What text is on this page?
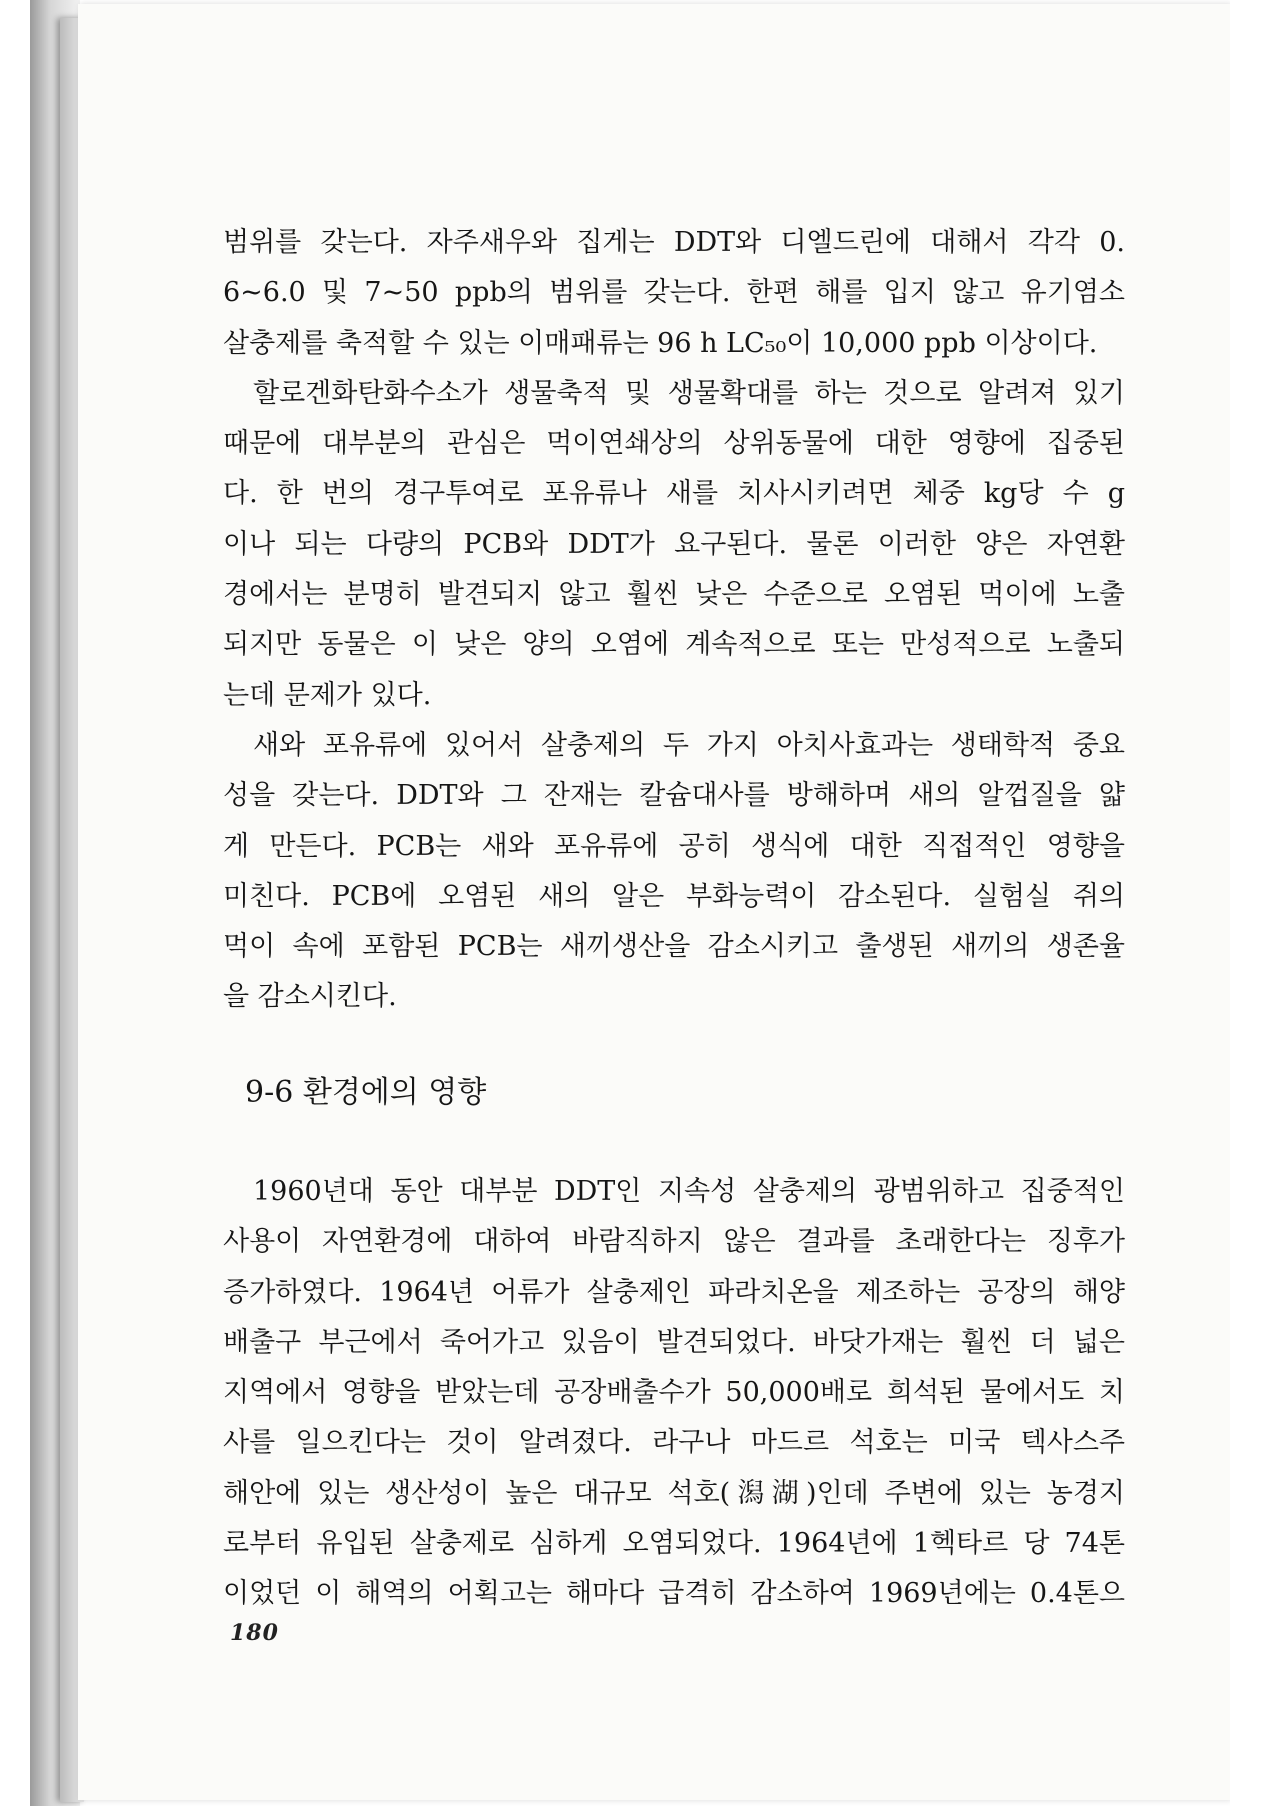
범위를 갖는다. 자주새우와 집게는 DDT와 디엘드린에 대해서 각각 0.
6~6.0 및 7~50 ppb의 범위를 갖는다. 한편 해를 입지 않고 유기염소
살충제를 축적할 수 있는 이매패류는 96 h LC₅₀이 10,000 ppb 이상이다.
할로겐화탄화수소가 생물축적 및 생물확대를 하는 것으로 알려져 있기
때문에 대부분의 관심은 먹이연쇄상의 상위동물에 대한 영향에 집중된
다. 한 번의 경구투여로 포유류나 새를 치사시키려면 체중 kg당 수 g
이나 되는 다량의 PCB와 DDT가 요구된다. 물론 이러한 양은 자연환
경에서는 분명히 발견되지 않고 훨씬 낮은 수준으로 오염된 먹이에 노출
되지만 동물은 이 낮은 양의 오염에 계속적으로 또는 만성적으로 노출되
는데 문제가 있다.
새와 포유류에 있어서 살충제의 두 가지 아치사효과는 생태학적 중요
성을 갖는다. DDT와 그 잔재는 칼슘대사를 방해하며 새의 알껍질을 얇
게 만든다. PCB는 새와 포유류에 공히 생식에 대한 직접적인 영향을
미친다. PCB에 오염된 새의 알은 부화능력이 감소된다. 실험실 쥐의
먹이 속에 포함된 PCB는 새끼생산을 감소시키고 출생된 새끼의 생존율
을 감소시킨다.
9-6 환경에의 영향
1960년대 동안 대부분 DDT인 지속성 살충제의 광범위하고 집중적인
사용이 자연환경에 대하여 바람직하지 않은 결과를 초래한다는 징후가
증가하였다. 1964년 어류가 살충제인 파라치온을 제조하는 공장의 해양
배출구 부근에서 죽어가고 있음이 발견되었다. 바닷가재는 훨씬 더 넓은
지역에서 영향을 받았는데 공장배출수가 50,000배로 희석된 물에서도 치
사를 일으킨다는 것이 알려졌다. 라구나 마드르 석호는 미국 텍사스주
해안에 있는 생산성이 높은 대규모 석호(潟湖)인데 주변에 있는 농경지
로부터 유입된 살충제로 심하게 오염되었다. 1964년에 1헥타르 당 74톤
이었던 이 해역의 어획고는 해마다 급격히 감소하여 1969년에는 0.4톤으
180
